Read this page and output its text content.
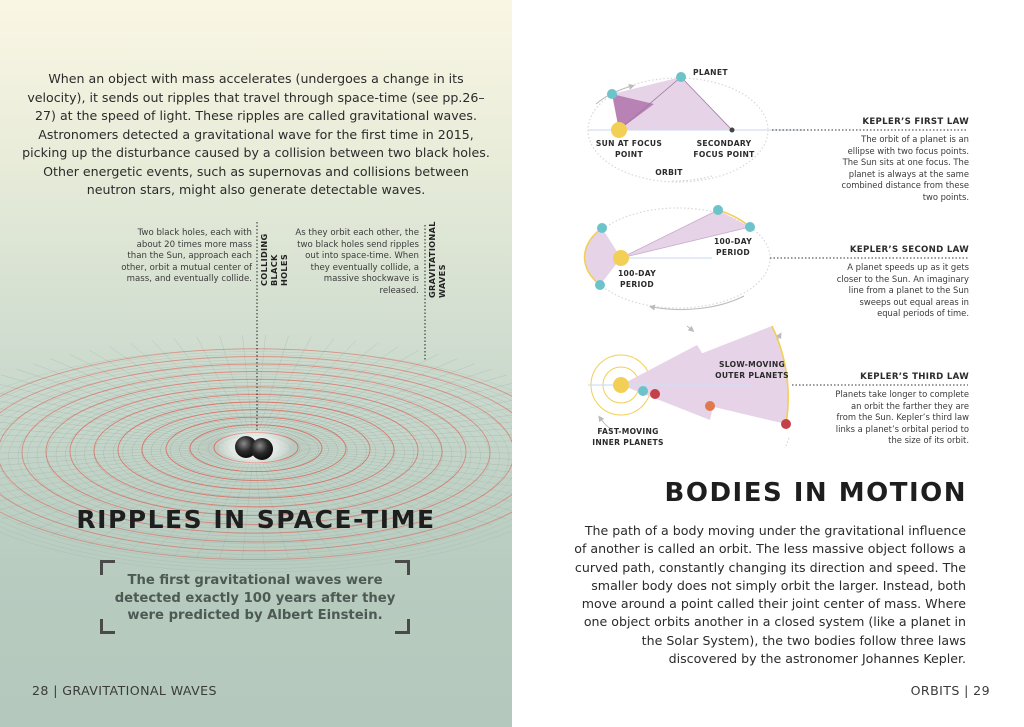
When an object with mass accelerates (undergoes a change in its velocity), it sends out ripples that travel through space-time (see pp.26–27) at the speed of light. These ripples are called gravitational waves. Astronomers detected a gravitational wave for the first time in 2015, picking up the disturbance caused by a collision between two black holes. Other energetic events, such as supernovas and collisions between neutron stars, might also generate detectable waves.
Two black holes, each with about 20 times more mass than the Sun, approach each other, orbit a mutual center of mass, and eventually collide. COLLIDING BLACK HOLES
As they orbit each other, the two black holes send ripples out into space-time. When they eventually collide, a massive shockwave is released. GRAVITATIONAL WAVES
RIPPLES IN SPACE-TIME
The first gravitational waves were detected exactly 100 years after they were predicted by Albert Einstein.
28 | GRAVITATIONAL WAVES
PLANET
SUN AT FOCUS
POINT
SECONDARY
FOCUS POINT
ORBIT
100-DAY
PERIOD
100-DAY
PERIOD
SLOW-MOVING
OUTER PLANETS
FAST-MOVING
INNER PLANETS
KEPLER’S FIRST LAW
The orbit of a planet is an ellipse with two focus points. The Sun sits at one focus. The planet is always at the same combined distance from these two points.
KEPLER’S SECOND LAW
A planet speeds up as it gets closer to the Sun. An imaginary line from a planet to the Sun sweeps out equal areas in equal periods of time.
KEPLER’S THIRD LAW
Planets take longer to complete an orbit the farther they are from the Sun. Kepler’s third law links a planet’s orbital period to the size of its orbit.
BODIES IN MOTION
The path of a body moving under the gravitational influence of another is called an orbit. The less massive object follows a curved path, constantly changing its direction and speed. The smaller body does not simply orbit the larger. Instead, both move around a point called their joint center of mass. Where one object orbits another in a closed system (like a planet in the Solar System), the two bodies follow three laws discovered by the astronomer Johannes Kepler.
ORBITS | 29
